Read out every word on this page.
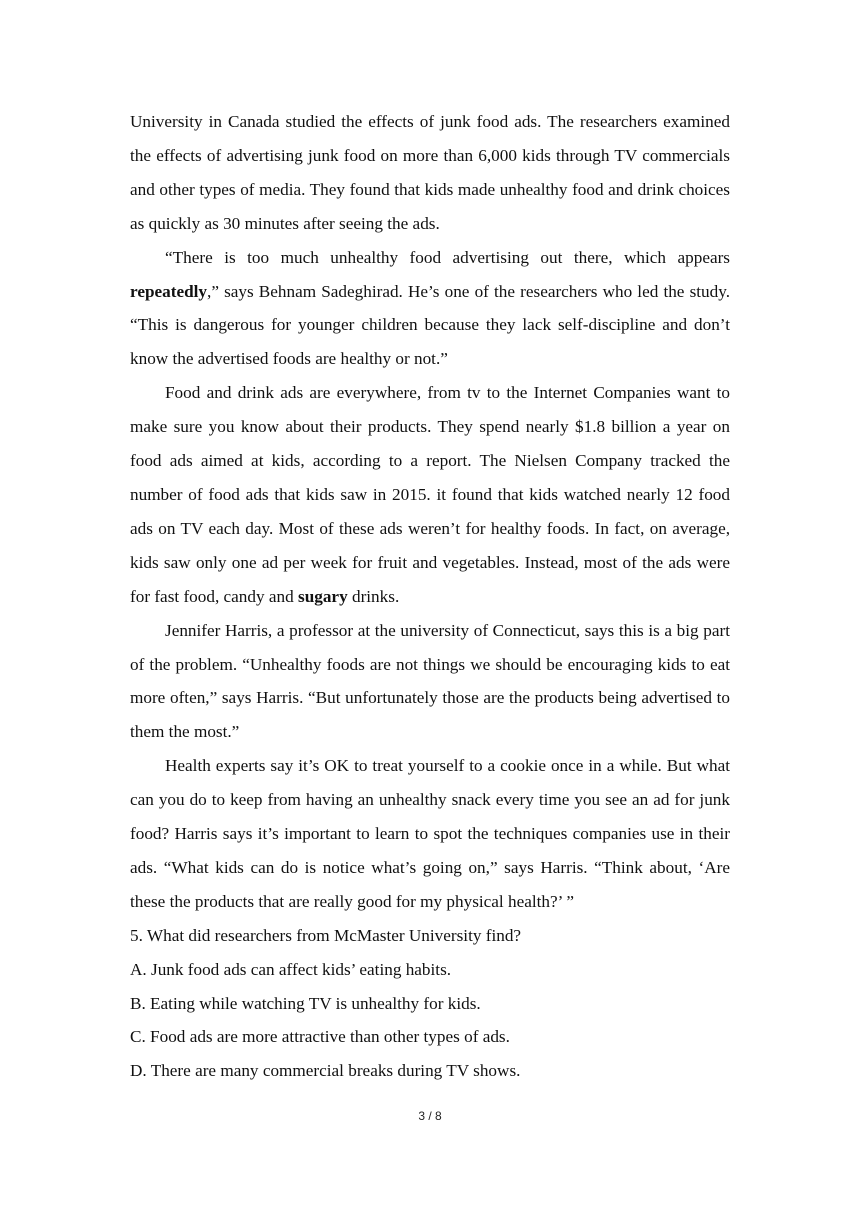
University in Canada studied the effects of junk food ads. The researchers examined the effects of advertising junk food on more than 6,000 kids through TV commercials and other types of media. They found that kids made unhealthy food and drink choices as quickly as 30 minutes after seeing the ads.

“There is too much unhealthy food advertising out there, which appears repeatedly,” says Behnam Sadeghirad. He’s one of the researchers who led the study. “This is dangerous for younger children because they lack self-discipline and don’t know the advertised foods are healthy or not.”

Food and drink ads are everywhere, from tv to the Internet Companies want to make sure you know about their products. They spend nearly $1.8 billion a year on food ads aimed at kids, according to a report. The Nielsen Company tracked the number of food ads that kids saw in 2015. it found that kids watched nearly 12 food ads on TV each day. Most of these ads weren’t for healthy foods. In fact, on average, kids saw only one ad per week for fruit and vegetables. Instead, most of the ads were for fast food, candy and sugary drinks.

Jennifer Harris, a professor at the university of Connecticut, says this is a big part of the problem. “Unhealthy foods are not things we should be encouraging kids to eat more often,” says Harris. “But unfortunately those are the products being advertised to them the most.”

Health experts say it’s OK to treat yourself to a cookie once in a while. But what can you do to keep from having an unhealthy snack every time you see an ad for junk food? Harris says it’s important to learn to spot the techniques companies use in their ads. “What kids can do is notice what’s going on,” says Harris. “Think about, ‘Are these the products that are really good for my physical health?’ ”

5. What did researchers from McMaster University find?

A. Junk food ads can affect kids’ eating habits.

B. Eating while watching TV is unhealthy for kids.

C. Food ads are more attractive than other types of ads.

D. There are many commercial breaks during TV shows.

3 / 8
